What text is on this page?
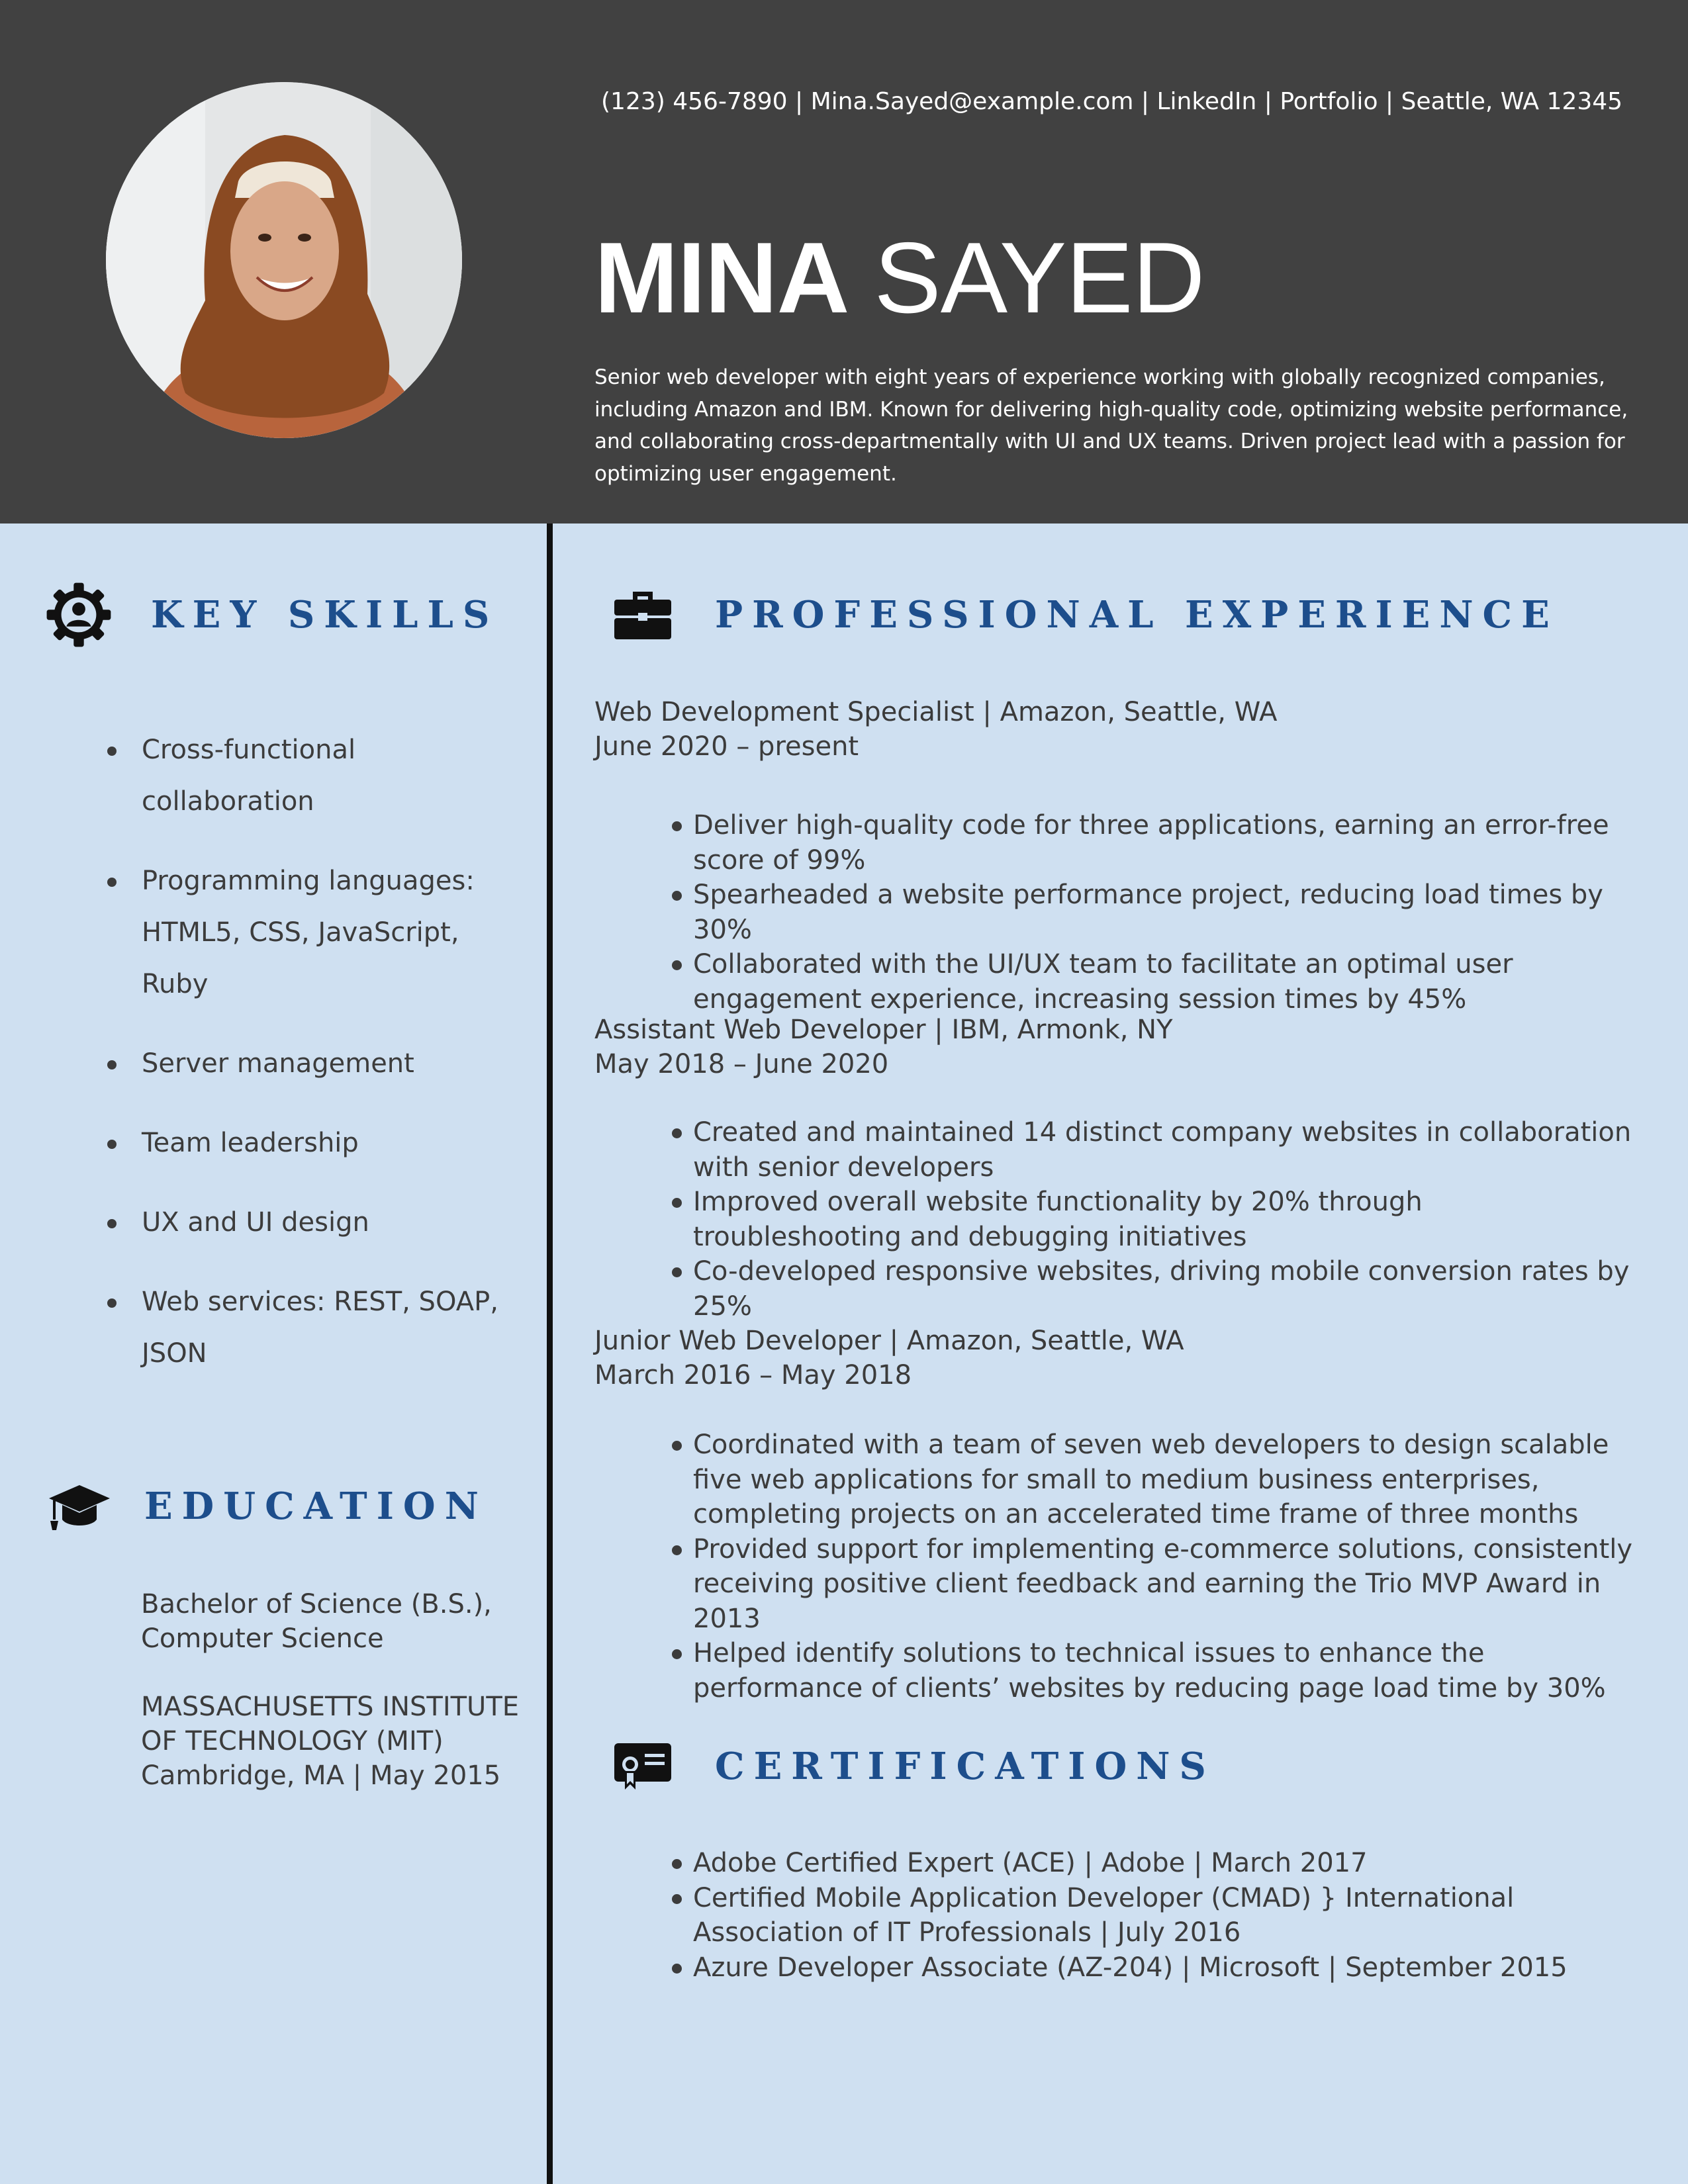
(123) 456-7890 | Mina.Sayed@example.com | LinkedIn | Portfolio | Seattle, WA 12345
MINA SAYED
Senior web developer with eight years of experience working with globally recognized companies, including Amazon and IBM. Known for delivering high-quality code, optimizing website performance, and collaborating cross-departmentally with UI and UX teams. Driven project lead with a passion for optimizing user engagement.
KEY SKILLS
Cross-functional collaboration
Programming languages: HTML5, CSS, JavaScript, Ruby
Server management
Team leadership
UX and UI design
Web services: REST, SOAP, JSON
EDUCATION
Bachelor of Science (B.S.), Computer Science
MASSACHUSETTS INSTITUTE OF TECHNOLOGY (MIT)
Cambridge, MA | May 2015
PROFESSIONAL EXPERIENCE
Web Development Specialist | Amazon, Seattle, WA
June 2020 – present
Deliver high-quality code for three applications, earning an error-free score of 99%
Spearheaded a website performance project, reducing load times by 30%
Collaborated with the UI/UX team to facilitate an optimal user engagement experience, increasing session times by 45%
Assistant Web Developer | IBM, Armonk, NY
May 2018 – June 2020
Created and maintained 14 distinct company websites in collaboration with senior developers
Improved overall website functionality by 20% through troubleshooting and debugging initiatives
Co-developed responsive websites, driving mobile conversion rates by 25%
Junior Web Developer | Amazon, Seattle, WA
March 2016 – May 2018
Coordinated with a team of seven web developers to design scalable five web applications for small to medium business enterprises, completing projects on an accelerated time frame of three months
Provided support for implementing e-commerce solutions, consistently receiving positive client feedback and earning the Trio MVP Award in 2013
Helped identify solutions to technical issues to enhance the performance of clients’ websites by reducing page load time by 30%
CERTIFICATIONS
Adobe Certified Expert (ACE) | Adobe | March 2017
Certified Mobile Application Developer (CMAD) } International Association of IT Professionals | July 2016
Azure Developer Associate (AZ-204) | Microsoft | September 2015
